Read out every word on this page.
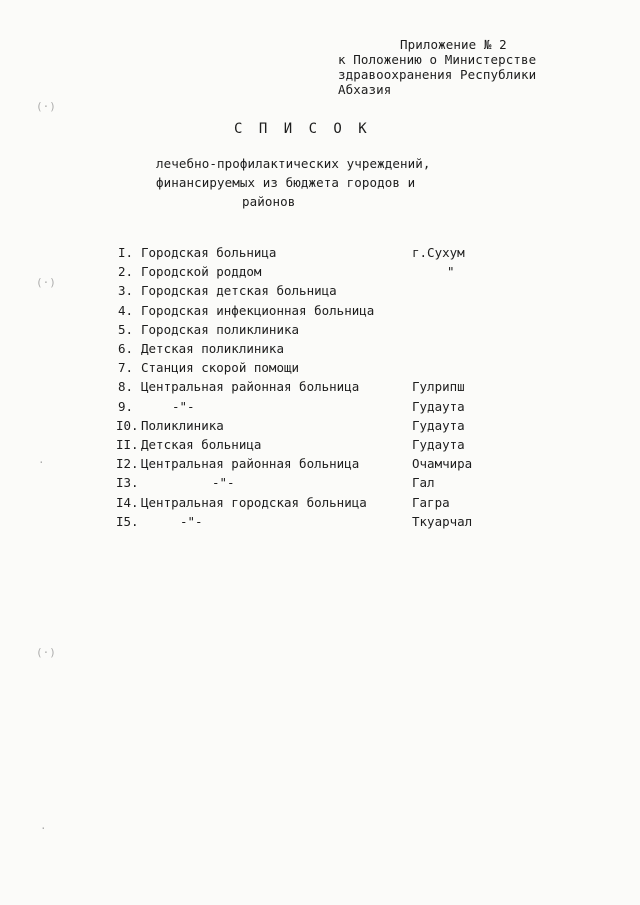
(·)
(·)
·
(·)
·
Приложение № 2
к Положению о Министерстве
здравоохранения Республики
Абхазия
С П И С О К
лечебно-профилактических учреждений,
финансируемых из бюджета городов и
районов
I. Городская больница	г.Сухум
2. Городской роддом	"
3. Городская детская больница
4. Городская инфекционная больница
5. Городская поликлиника
6. Детская поликлиника
7. Станция скорой помощи
8. Центральная районная больница	Гулрипш
9.	-"-	Гудаута
I0. Поликлиника	Гудаута
II. Детская больница	Гудаута
I2. Центральная районная больница	Очамчира
I3.	-"-	Гал
I4. Центральная городская больница	Гагра
I5.	-"-	Ткуарчал
